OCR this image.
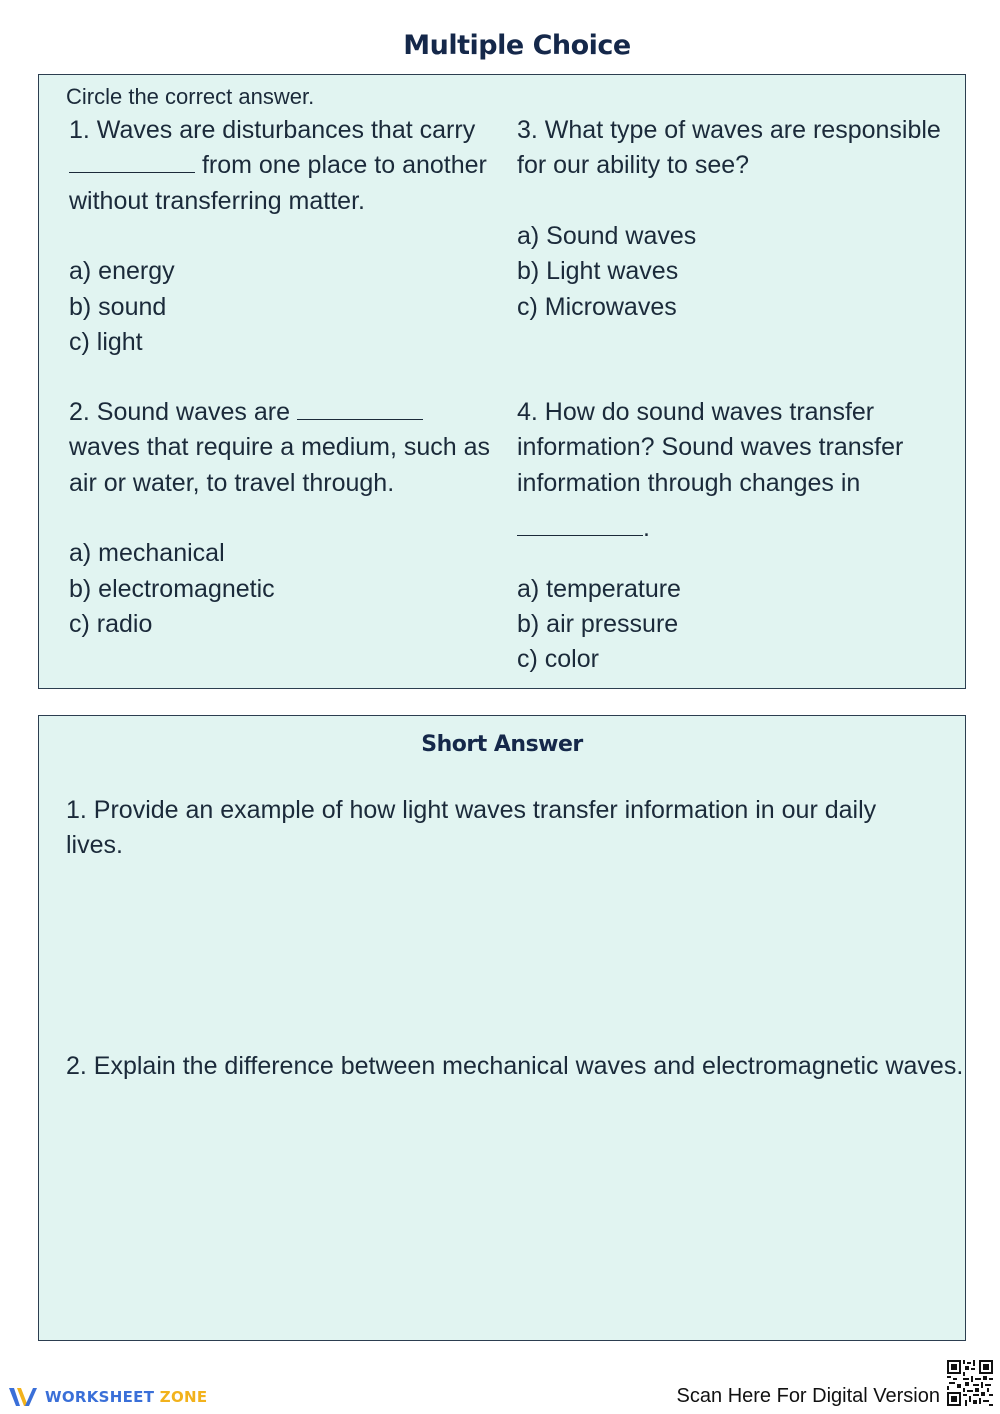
Multiple Choice
Circle the correct answer.

1. Waves are disturbances that carry

from one place to another

without transferring matter.

a) energy

b) sound

c) light

2. Sound waves are

waves that require a medium, such as

air or water, to travel through.

a) mechanical

b) electromagnetic

c) radio

3. What type of waves are responsible

for our ability to see?

a) Sound waves

b) Light waves

c) Microwaves

4. How do sound waves transfer

information? Sound waves transfer

information through changes in

.

a) temperature

b) air pressure

c) color

Short Answer
1. Provide an example of how light waves transfer information in our daily
lives.
2. Explain the difference between mechanical waves and electromagnetic waves.
WORKSHEET ZONE	Scan Here For Digital Version
